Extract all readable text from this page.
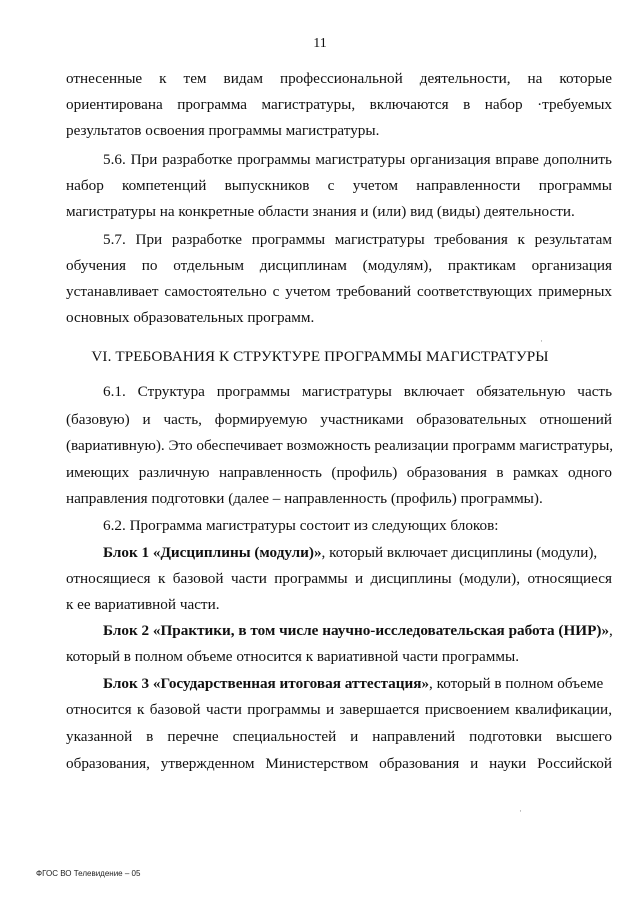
11
отнесенные к тем видам профессиональной деятельности, на которые
ориентирована программа магистратуры, включаются в набор ·требуемых
результатов освоения программы магистратуры.
5.6. При разработке программы магистратуры организация вправе дополнить
набор компетенций выпускников с учетом направленности программы
магистратуры на конкретные области знания и (или) вид (виды) деятельности.
5.7. При разработке программы магистратуры требования к результатам
обучения по отдельным дисциплинам (модулям), практикам организация
устанавливает самостоятельно с учетом требований соответствующих примерных
основных образовательных программ.
VI. ТРЕБОВАНИЯ К СТРУКТУРЕ ПРОГРАММЫ МАГИСТРАТУРЫ
6.1. Структура программы магистратуры включает обязательную часть
(базовую) и часть, формируемую участниками образовательных отношений
(вариативную). Это обеспечивает возможность реализации программ магистратуры,
имеющих различную направленность (профиль) образования в рамках одного
направления подготовки (далее – направленность (профиль) программы).
6.2. Программа магистратуры состоит из следующих блоков:
Блок 1 «Дисциплины (модули)» , который включает дисциплины (модули),
относящиеся к базовой части программы и дисциплины (модули), относящиеся
к ее вариативной части.
Блок 2 «Практики, в том числе научно-исследовательская работа (НИР)»,
который в полном объеме относится к вариативной части программы.
Блок 3 «Государственная итоговая аттестация», который в полном объеме
относится к базовой части программы и завершается присвоением квалификации,
указанной в перечне специальностей и направлений подготовки высшего
образования, утвержденном Министерством образования и науки Российской
·
·
ФГОС ВО Телевидение – 05
